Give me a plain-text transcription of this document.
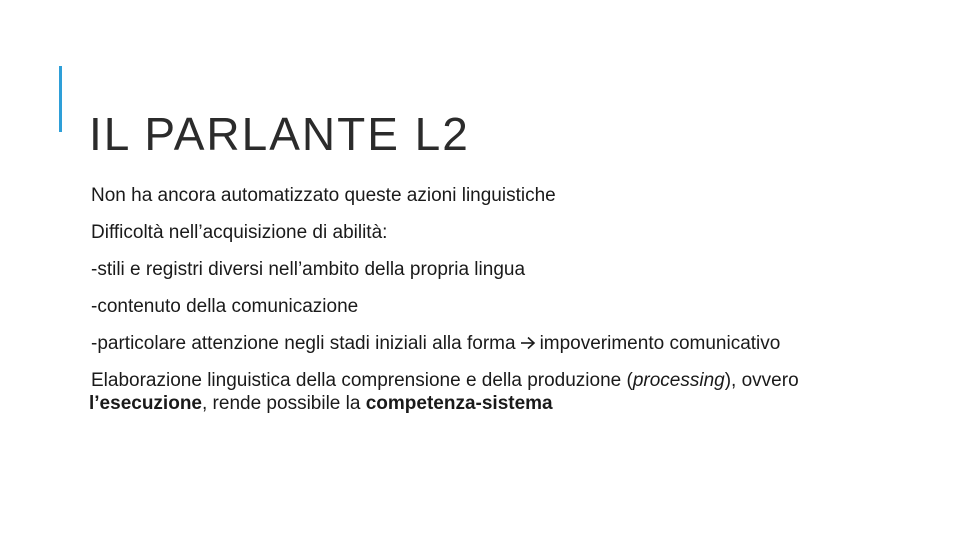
IL PARLANTE L2

Non ha ancora automatizzato queste azioni linguistiche

Difficoltà nell’acquisizione di abilità:

-stili e registri diversi nell’ambito della propria lingua

-contenuto della comunicazione

-particolare attenzione negli stadi iniziali alla forma impoverimento comunicativo

Elaborazione linguistica della comprensione e della produzione (processing), ovvero l’esecuzione, rende possibile la competenza-sistema
